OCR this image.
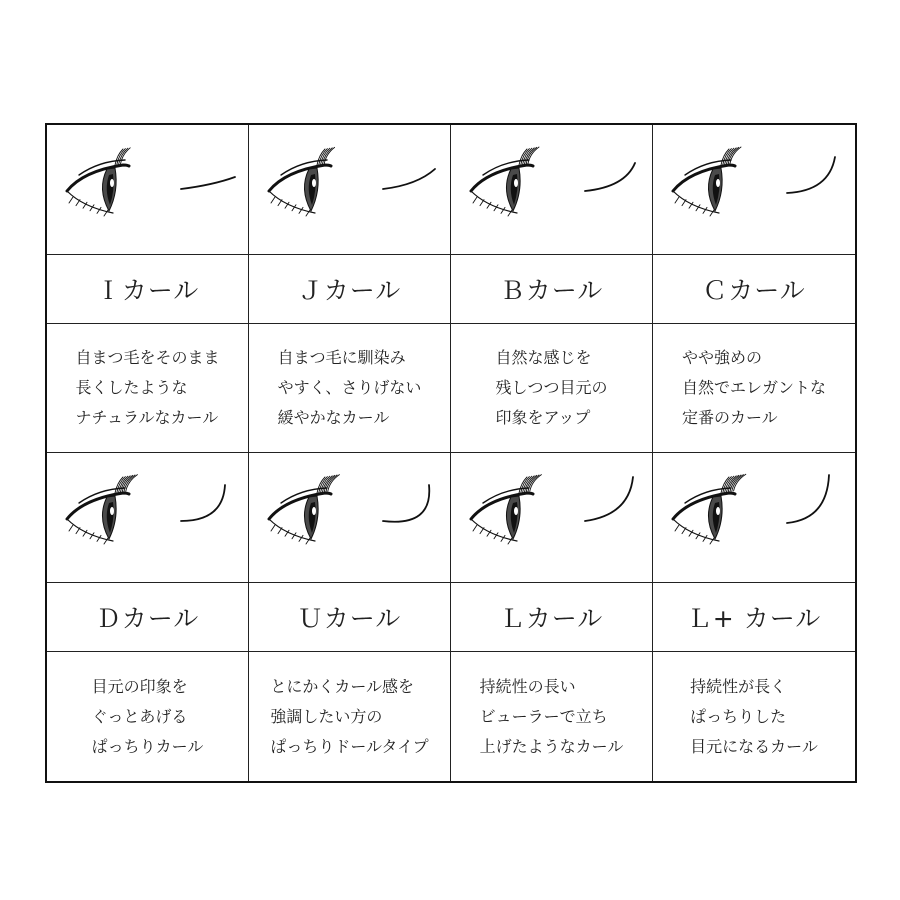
Ｉカール
自まつ毛をそのまま
長くしたような
ナチュラルなカール
Ｊカール
自まつ毛に馴染み
やすく、さりげない
緩やかなカール
Ｂカール
自然な感じを
残しつつ目元の
印象をアップ
Ｃカール
やや強めの
自然でエレガントな
定番のカール
Ｄカール
目元の印象を
ぐっとあげる
ぱっちりカール
Ｕカール
とにかくカール感を
強調したい方の
ぱっちりドールタイプ
Ｌカール
持続性の長い
ビューラーで立ち
上げたようなカール
Ｌ+ カール
持続性が長く
ぱっちりした
目元になるカール
